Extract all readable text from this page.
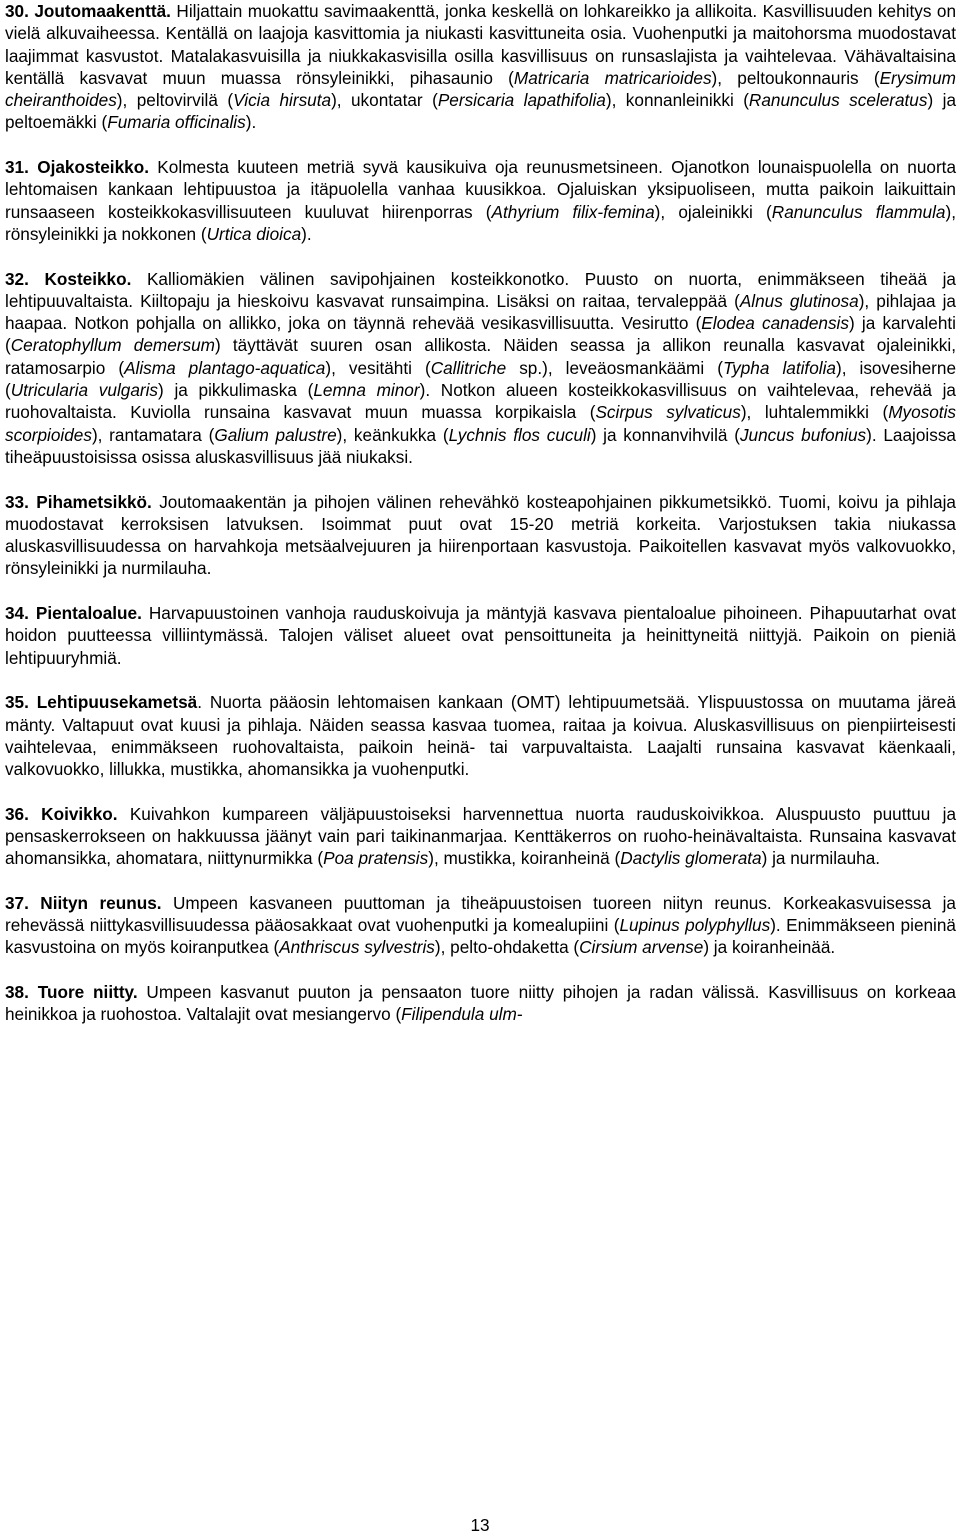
30. Joutomaakenttä. Hiljattain muokattu savimaakenttä, jonka keskellä on lohkareikko ja allikoita. Kasvillisuuden kehitys on vielä alkuvaiheessa. Kentällä on laajoja kasvittomia ja niukasti kasvittuneita osia. Vuohenputki ja maitohorsma muodostavat laajimmat kasvustot. Matalakasvuisilla ja niukkakasvisilla osilla kasvillisuus on runsaslajista ja vaihtelevaa. Vähävaltaisina kentällä kasvavat muun muassa rönsyleinikki, pihasaunio (Matricaria matricarioides), peltoukonnauris (Erysimum cheiranthoides), peltovirvilä (Vicia hirsuta), ukontatar (Persicaria lapathifolia), konnanleinikki (Ranunculus sceleratus) ja peltoemäkki (Fumaria officinalis).

31. Ojakosteikko. Kolmesta kuuteen metriä syvä kausikuiva oja reunusmetsineen. Ojanotkon lounaispuolella on nuorta lehtomaisen kankaan lehtipuustoa ja itäpuolella vanhaa kuusikkoa. Ojaluiskan yksipuoliseen, mutta paikoin laikuittain runsaaseen kosteikkokasvillisuuteen kuuluvat hiirenporras (Athyrium filix-femina), ojaleinikki (Ranunculus flammula), rönsyleinikki ja nokkonen (Urtica dioica).

32. Kosteikko. Kalliomäkien välinen savipohjainen kosteikkonotko. Puusto on nuorta, enimmäkseen tiheää ja lehtipuuvaltaista. Kiiltopaju ja hieskoivu kasvavat runsaimpina. Lisäksi on raitaa, tervaleppää (Alnus glutinosa), pihlajaa ja haapaa. Notkon pohjalla on allikko, joka on täynnä rehevää vesikasvillisuutta. Vesirutto (Elodea canadensis) ja karvalehti (Ceratophyllum demersum) täyttävät suuren osan allikosta. Näiden seassa ja allikon reunalla kasvavat ojaleinikki, ratamosarpio (Alisma plantago-aquatica), vesitähti (Callitriche sp.), leveäosmankäämi (Typha latifolia), isovesiherne (Utricularia vulgaris) ja pikkulimaska (Lemna minor). Notkon alueen kosteikkokasvillisuus on vaihtelevaa, rehevää ja ruohovaltaista. Kuviolla runsaina kasvavat muun muassa korpikaisla (Scirpus sylvaticus), luhtalemmikki (Myosotis scorpioides), rantamatara (Galium palustre), keänkukka (Lychnis flos cuculi) ja konnanvihvilä (Juncus bufonius). Laajoissa tiheäpuustoisissa osissa aluskasvillisuus jää niukaksi.

33. Pihametsikkö. Joutomaakentän ja pihojen välinen rehevähkö kosteapohjainen pikkumetsikkö. Tuomi, koivu ja pihlaja muodostavat kerroksisen latvuksen. Isoimmat puut ovat 15-20 metriä korkeita. Varjostuksen takia niukassa aluskasvillisuudessa on harvahkoja metsäalvejuuren ja hiirenportaan kasvustoja. Paikoitellen kasvavat myös valkovuokko, rönsyleinikki ja nurmilauha.

34. Pientaloalue. Harvapuustoinen vanhoja rauduskoivuja ja mäntyjä kasvava pientaloalue pihoineen. Pihapuutarhat ovat hoidon puutteessa villiintymässä. Talojen väliset alueet ovat pensoittuneita ja heinittyneitä niittyjä. Paikoin on pieniä lehtipuuryhmiä.

35. Lehtipuusekametsä. Nuorta pääosin lehtomaisen kankaan (OMT) lehtipuumetsää. Ylispuustossa on muutama järeä mänty. Valtapuut ovat kuusi ja pihlaja. Näiden seassa kasvaa tuomea, raitaa ja koivua. Aluskasvillisuus on pienpiirteisesti vaihtelevaa, enimmäkseen ruohovaltaista, paikoin heinä- tai varpuvaltaista. Laajalti runsaina kasvavat käenkaali, valkovuokko, lillukka, mustikka, ahomansikka ja vuohenputki.

36. Koivikko. Kuivahkon kumpareen väljäpuustoiseksi harvennettua nuorta rauduskoivikkoa. Aluspuusto puuttuu ja pensaskerrokseen on hakkuussa jäänyt vain pari taikinanmarjaa. Kenttäkerros on ruoho-heinävaltaista. Runsaina kasvavat ahomansikka, ahomatara, niittynurmikka (Poa pratensis), mustikka, koiranheinä (Dactylis glomerata) ja nurmilauha.

37. Niityn reunus. Umpeen kasvaneen puuttoman ja tiheäpuustoisen tuoreen niityn reunus. Korkeakasvuisessa ja rehevässä niittykasvillisuudessa pääosakkaat ovat vuohenputki ja komealupiini (Lupinus polyphyllus). Enimmäkseen pieninä kasvustoina on myös koiranputkea (Anthriscus sylvestris), pelto-ohdaketta (Cirsium arvense) ja koiranheinää.

38. Tuore niitty. Umpeen kasvanut puuton ja pensaaton tuore niitty pihojen ja radan välissä. Kasvillisuus on korkeaa heinikkoa ja ruohostoa. Valtalajit ovat mesiangervo (Filipendula ulm-

13
